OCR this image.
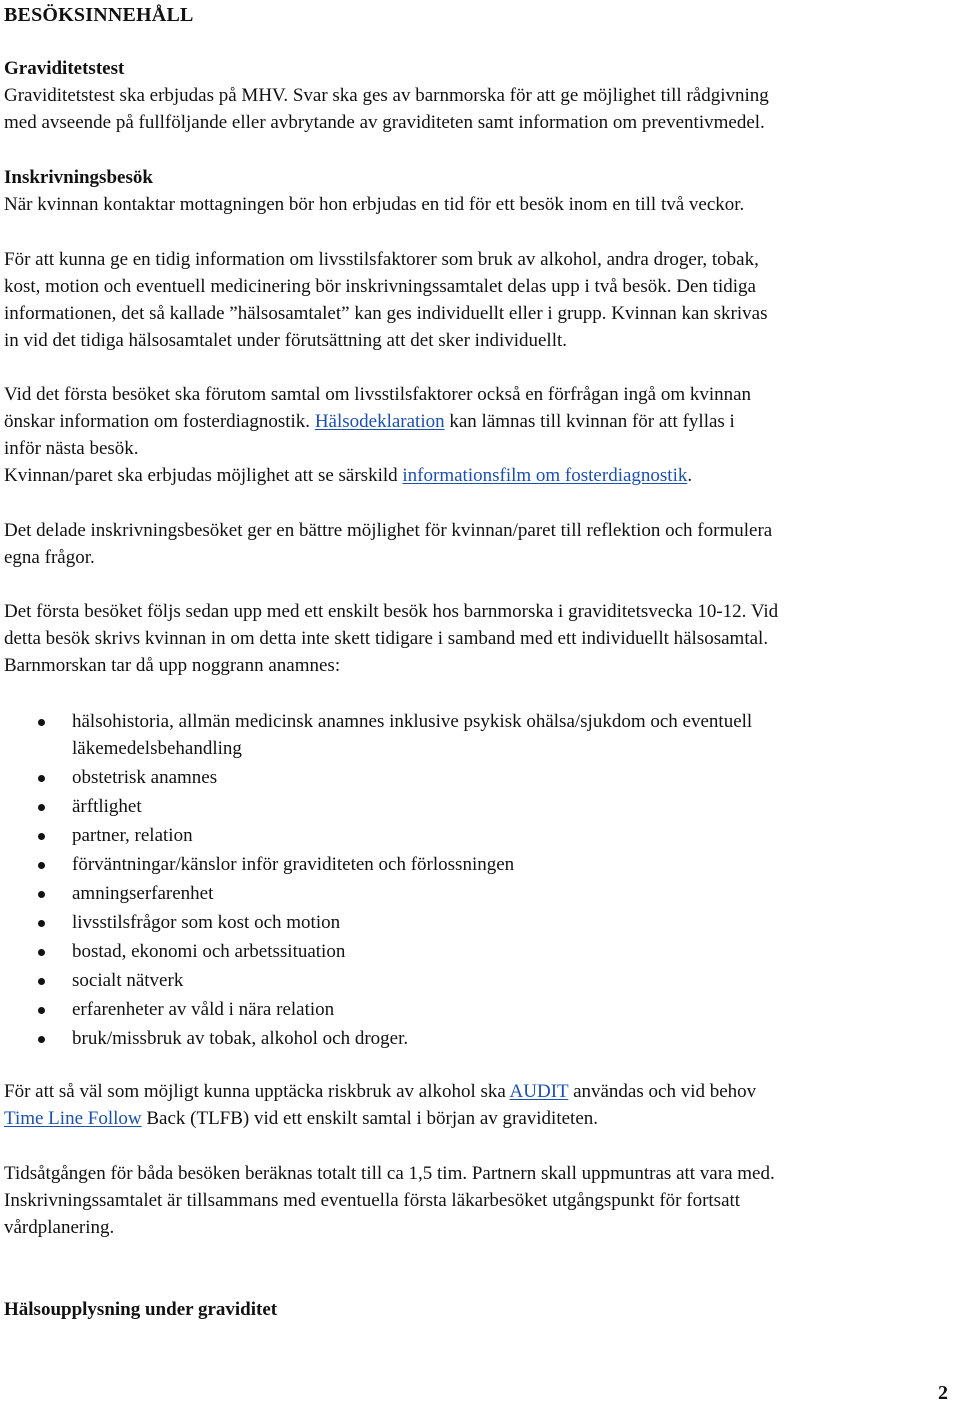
BESÖKSINNEHÅLL
Graviditetstest
Graviditetstest ska erbjudas på MHV. Svar ska ges av barnmorska för att ge möjlighet till rådgivning
med avseende på fullföljande eller avbrytande av graviditeten samt information om preventivmedel.
Inskrivningsbesök
När kvinnan kontaktar mottagningen bör hon erbjudas en tid för ett besök inom en till två veckor.
För att kunna ge en tidig information om livsstilsfaktorer som bruk av alkohol, andra droger, tobak,
kost, motion och eventuell medicinering bör inskrivningssamtalet delas upp i två besök. Den tidiga
informationen, det så kallade ”hälsosamtalet” kan ges individuellt eller i grupp. Kvinnan kan skrivas
in vid det tidiga hälsosamtalet under förutsättning att det sker individuellt.
Vid det första besöket ska förutom samtal om livsstilsfaktorer också en förfrågan ingå om kvinnan
önskar information om fosterdiagnostik. Hälsodeklaration kan lämnas till kvinnan för att fyllas i
inför nästa besök.
Kvinnan/paret ska erbjudas möjlighet att se särskild informationsfilm om fosterdiagnostik.
Det delade inskrivningsbesöket ger en bättre möjlighet för kvinnan/paret till reflektion och formulera
egna frågor.
Det första besöket följs sedan upp med ett enskilt besök hos barnmorska i graviditetsvecka 10-12. Vid
detta besök skrivs kvinnan in om detta inte skett tidigare i samband med ett individuellt hälsosamtal.
Barnmorskan tar då upp noggrann anamnes:
hälsohistoria, allmän medicinsk anamnes inklusive psykisk ohälsa/sjukdom och eventuell läkemedelsbehandling
obstetrisk anamnes
ärftlighet
partner, relation
förväntningar/känslor inför graviditeten och förlossningen
amningserfarenhet
livsstilsfrågor som kost och motion
bostad, ekonomi och arbetssituation
socialt nätverk
erfarenheter av våld i nära relation
bruk/missbruk av tobak, alkohol och droger.
För att så väl som möjligt kunna upptäcka riskbruk av alkohol ska AUDIT användas och vid behov
Time Line Follow Back (TLFB) vid ett enskilt samtal i början av graviditeten.
Tidsåtgången för båda besöken beräknas totalt till ca 1,5 tim. Partnern skall uppmuntras att vara med.
Inskrivningssamtalet är tillsammans med eventuella första läkarbesöket utgångspunkt för fortsatt
vårdplanering.
Hälsoupplysning under graviditet
2
